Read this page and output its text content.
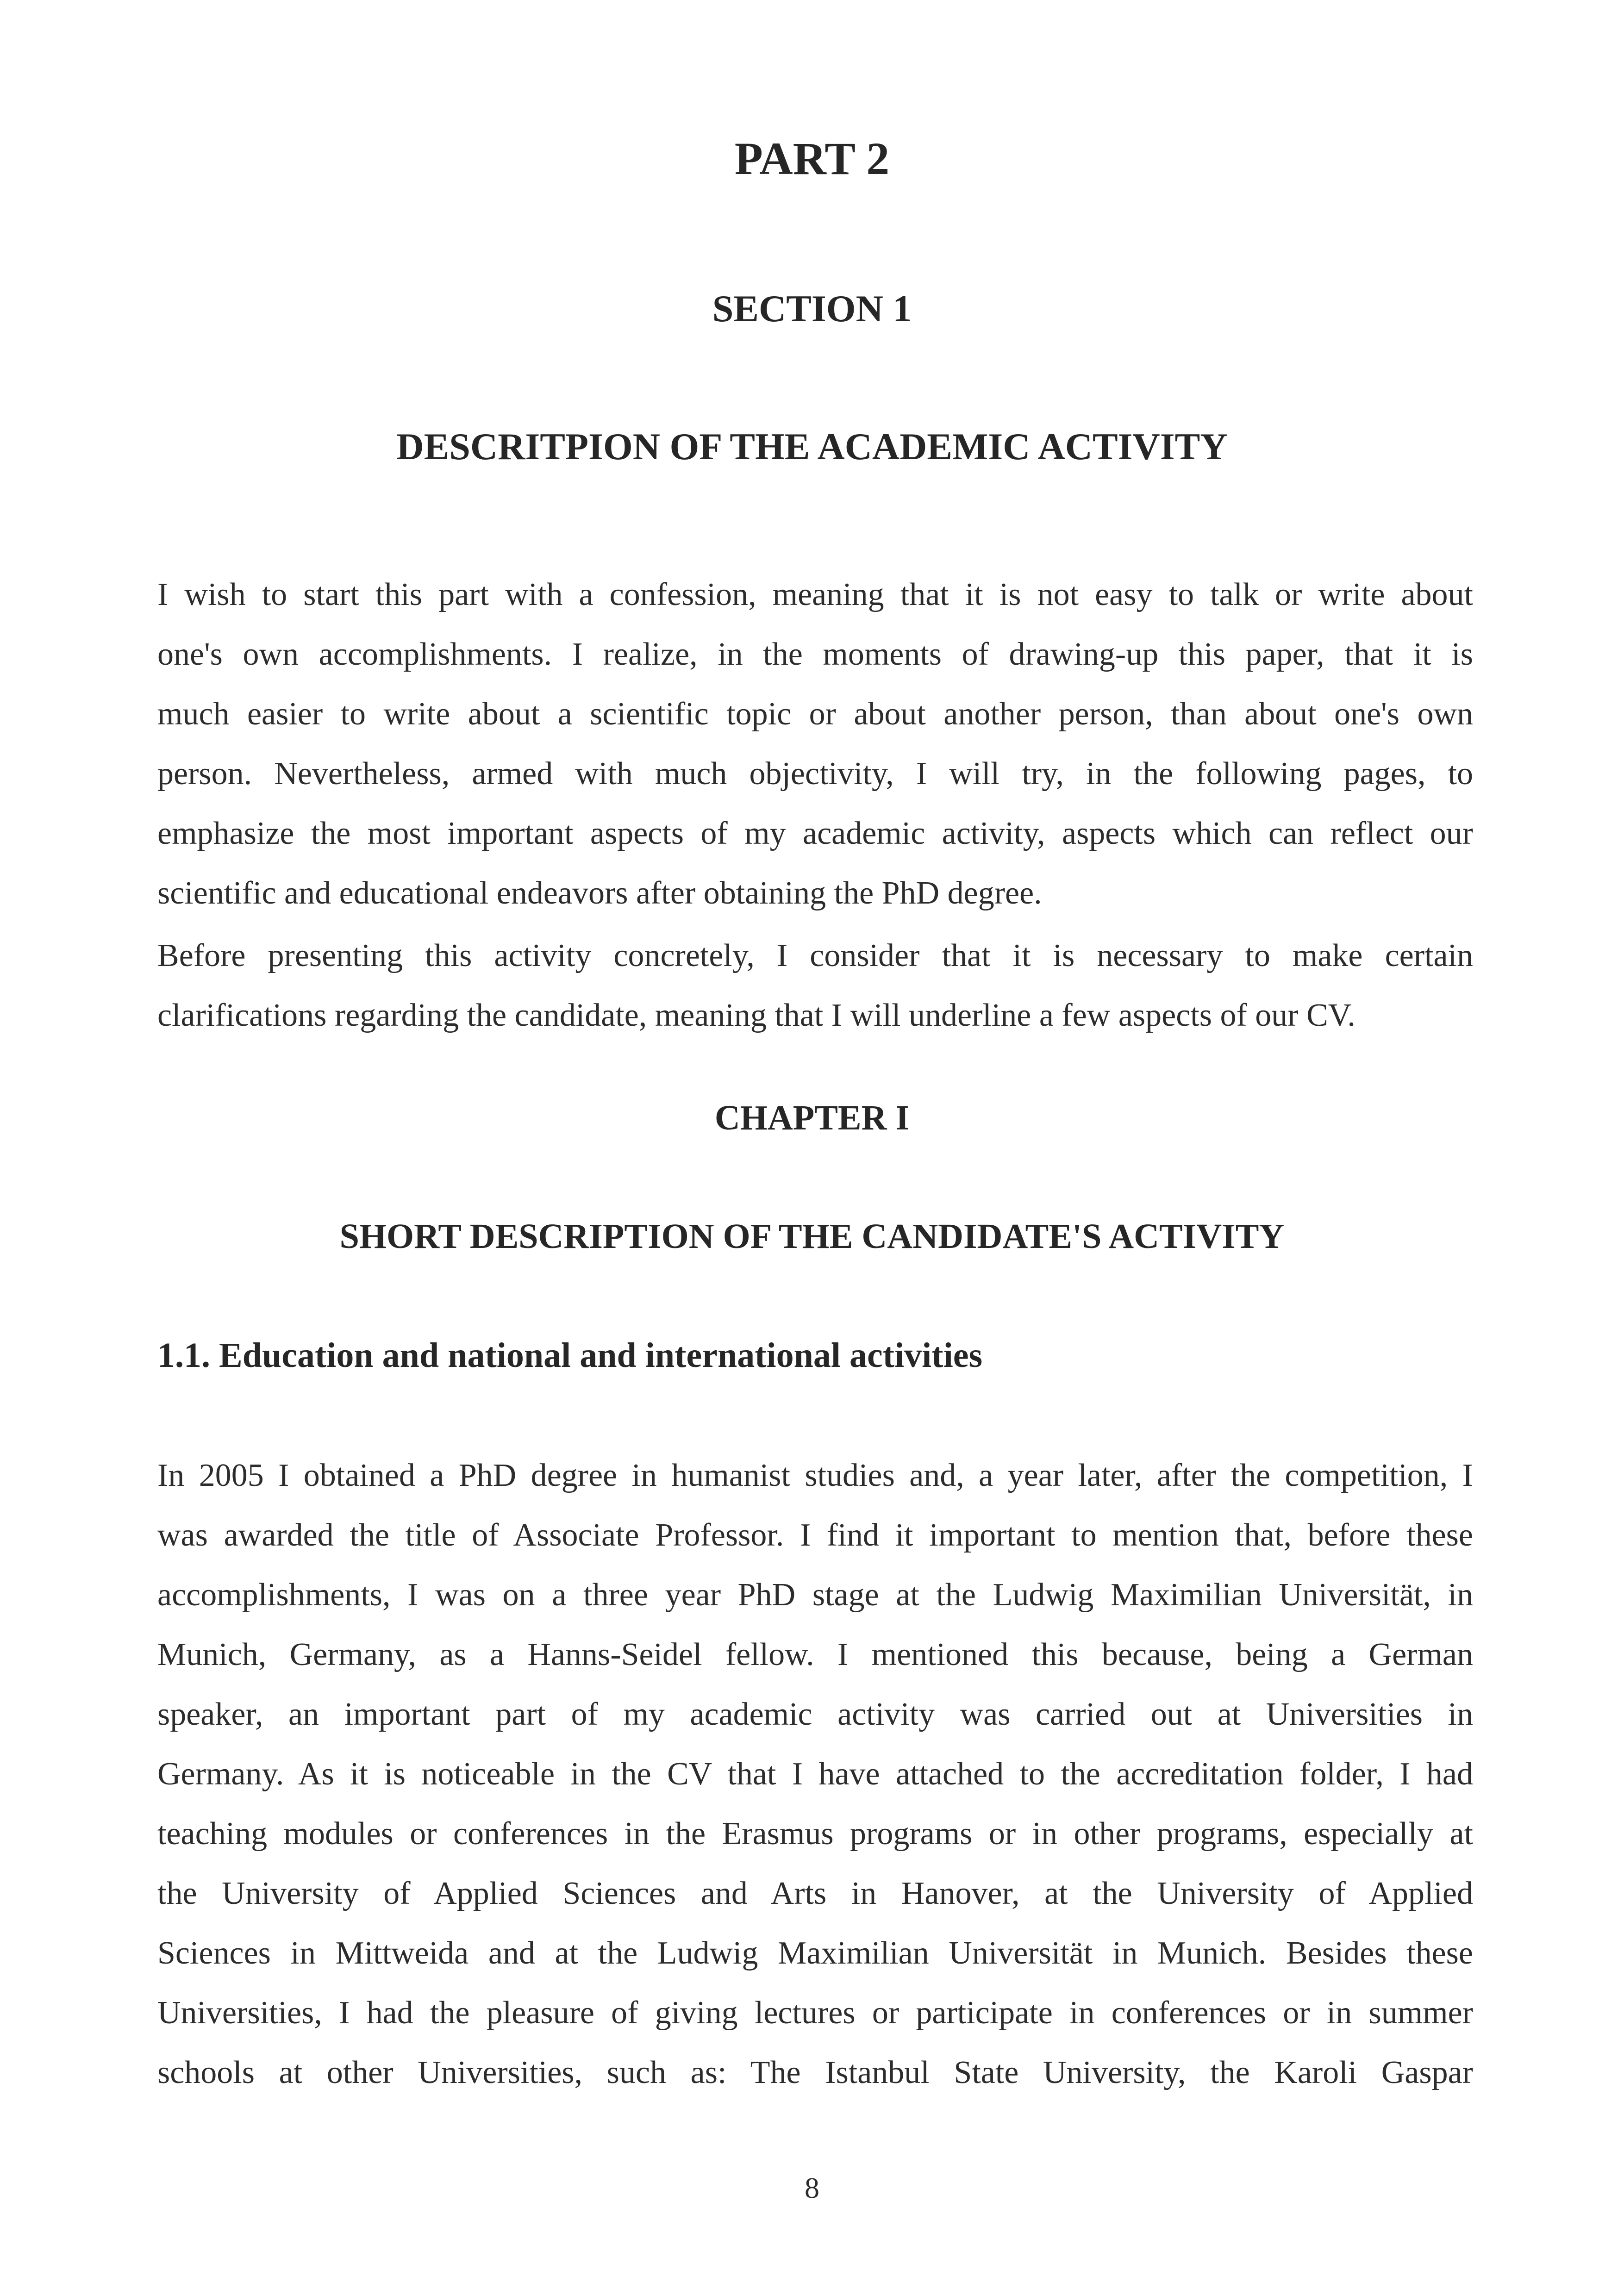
PART 2
SECTION 1
DESCRITPION OF THE ACADEMIC ACTIVITY
I wish to start this part with a confession, meaning that it is not easy to talk or write about
one's own accomplishments. I realize, in the moments of drawing-up this paper, that it is
much easier to write about a scientific topic or about another person, than about one's own
person. Nevertheless, armed with much objectivity, I will try, in the following pages, to
emphasize the most important aspects of my academic activity, aspects which can reflect our
scientific and educational endeavors after obtaining the PhD degree.
Before presenting this activity concretely, I consider that it is necessary to make certain
clarifications regarding the candidate, meaning that I will underline a few aspects of our CV.
CHAPTER I
SHORT DESCRIPTION OF THE CANDIDATE'S ACTIVITY
1.1. Education and national and international activities
In 2005 I obtained a PhD degree in humanist studies and, a year later, after the competition, I
was awarded the title of Associate Professor. I find it important to mention that, before these
accomplishments, I was on a three year PhD stage at the Ludwig Maximilian Universität, in
Munich, Germany, as a Hanns-Seidel fellow. I mentioned this because, being a German
speaker, an important part of my academic activity was carried out at Universities in
Germany. As it is noticeable in the CV that I have attached to the accreditation folder, I had
teaching modules or conferences in the Erasmus programs or in other programs, especially at
the University of Applied Sciences and Arts in Hanover, at the University of Applied
Sciences in Mittweida and at the Ludwig Maximilian Universität in Munich. Besides these
Universities, I had the pleasure of giving lectures or participate in conferences or in summer
schools at other Universities, such as: The Istanbul State University, the Karoli Gaspar
8
